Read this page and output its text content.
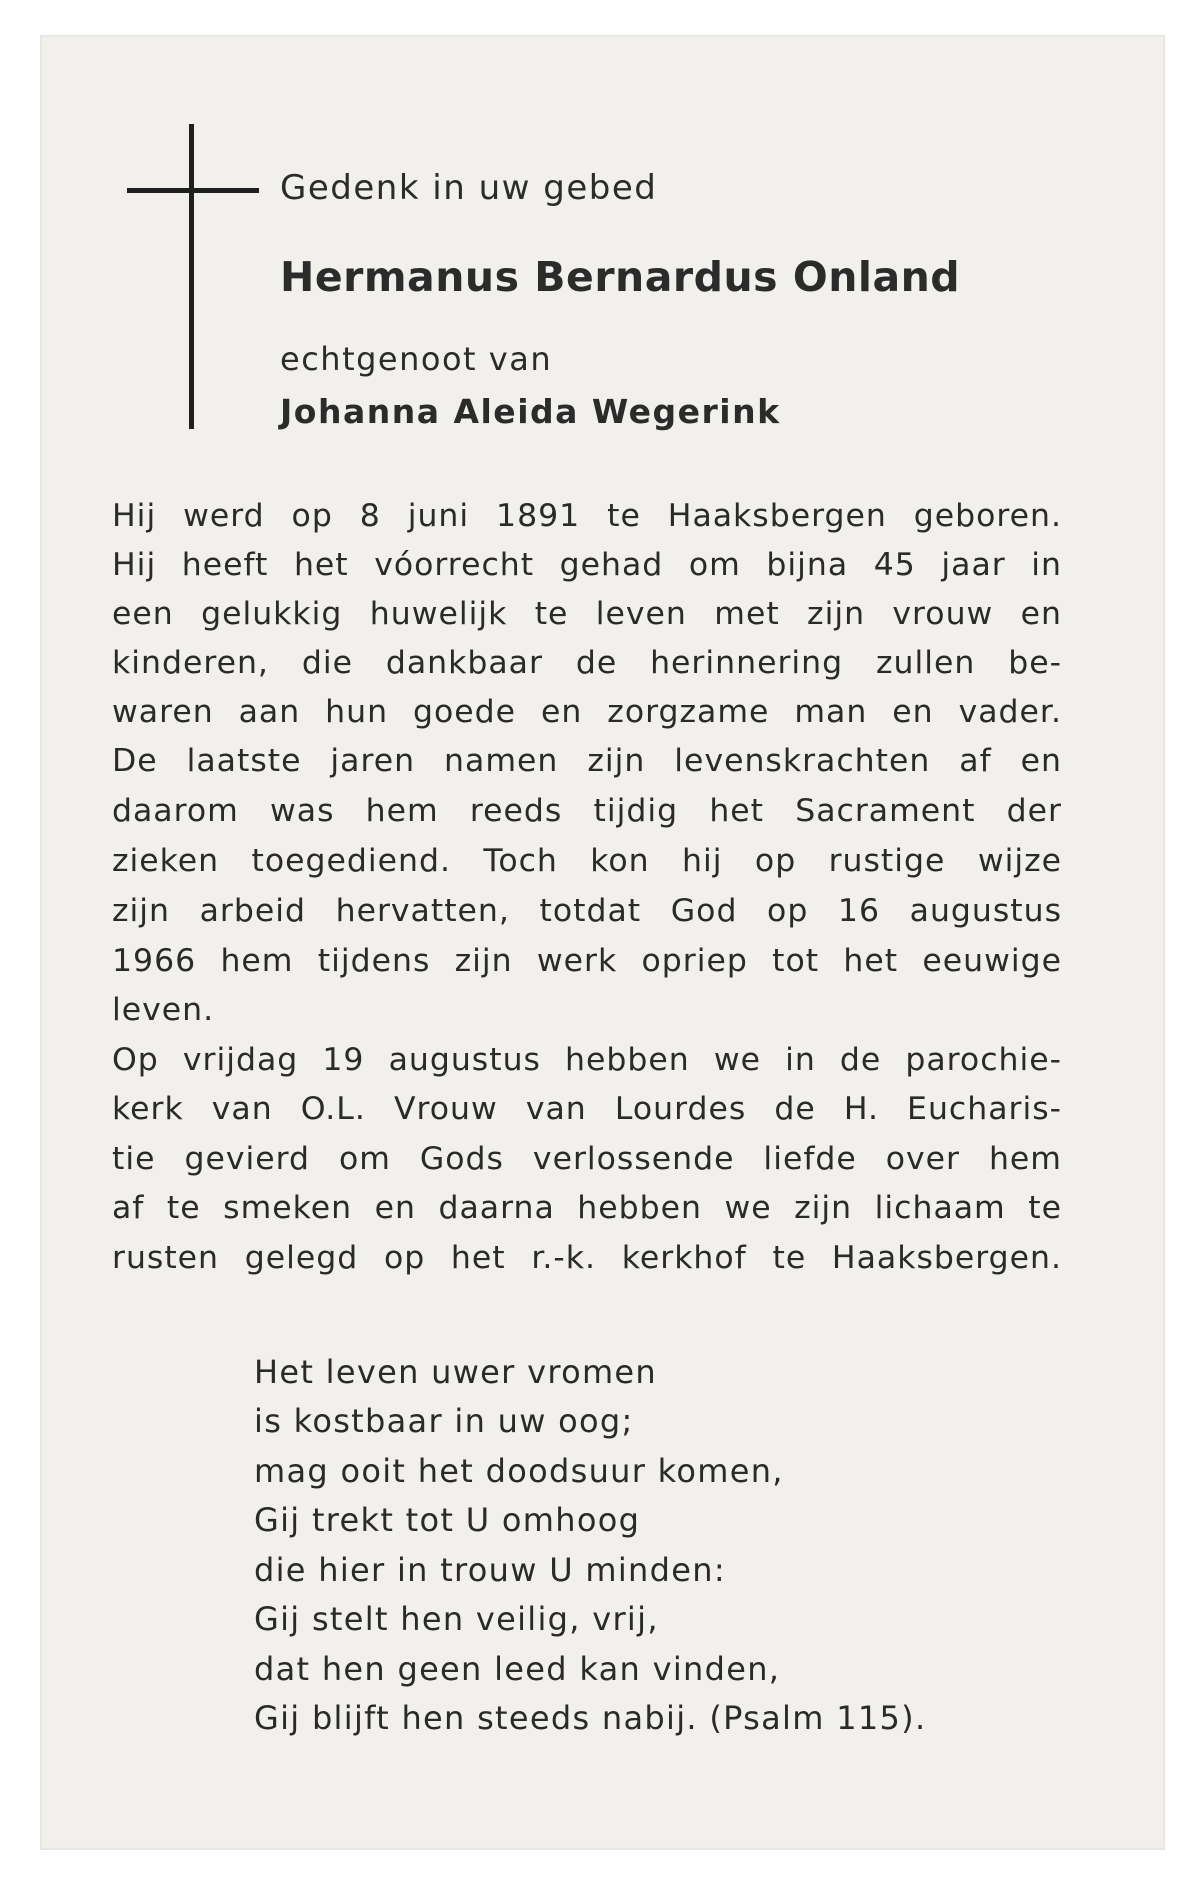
Gedenk in uw gebed
Hermanus Bernardus Onland
echtgenoot van
Johanna Aleida Wegerink
Hij werd op 8 juni 1891 te Haaksbergen geboren.
Hij heeft het vóorrecht gehad om bijna 45 jaar in
een gelukkig huwelijk te leven met zijn vrouw en
kinderen, die dankbaar de herinnering zullen be-
waren aan hun goede en zorgzame man en vader.
De laatste jaren namen zijn levenskrachten af en
daarom was hem reeds tijdig het Sacrament der
zieken toegediend. Toch kon hij op rustige wijze
zijn arbeid hervatten, totdat God op 16 augustus
1966 hem tijdens zijn werk opriep tot het eeuwige
leven.
Op vrijdag 19 augustus hebben we in de parochie-
kerk van O.L. Vrouw van Lourdes de H. Eucharis-
tie gevierd om Gods verlossende liefde over hem
af te smeken en daarna hebben we zijn lichaam te
rusten gelegd op het r.-k. kerkhof te Haaksbergen.
Het leven uwer vromen
is kostbaar in uw oog;
mag ooit het doodsuur komen,
Gij trekt tot U omhoog
die hier in trouw U minden:
Gij stelt hen veilig, vrij,
dat hen geen leed kan vinden,
Gij blijft hen steeds nabij. (Psalm 115).
